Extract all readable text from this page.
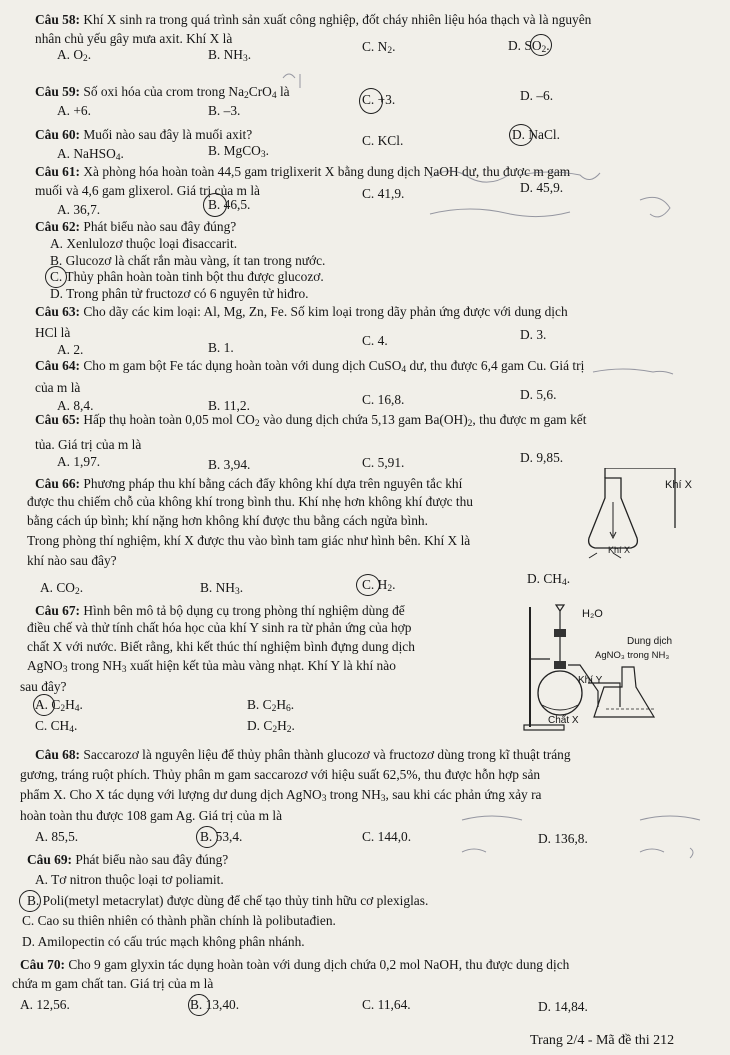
Câu 58: Khí X sinh ra trong quá trình sản xuất công nghiệp, đốt cháy nhiên liệu hóa thạch và là nguyên
nhân chủ yếu gây mưa axit. Khí X là
A. $O_2$.	B. $NH_3$.
C. $N_2$.	D. $SO_2$.
Câu 59: Số oxi hóa của crom trong $Na_2CrO_4$ là
A. +6.	B. –3.
C. +3.	D. –6.
Câu 60: Muối nào sau đây là muối axit?
A. NaHSO$_4$.	B. MgCO$_3$.
C. KCl.	D. NaCl.
Câu 61: Xà phòng hóa hoàn toàn 44,5 gam triglixerit X bằng dung dịch NaOH dư, thu được m gam
muối và 4,6 gam glixerol. Giá trị của m là
A. 36,7.	B. 46,5.
C. 41,9.	D. 45,9.
Câu 62: Phát biểu nào sau đây đúng?
A. Xenlulozơ thuộc loại đisaccarit.
B. Glucozơ là chất rắn màu vàng, ít tan trong nước.
C. Thủy phân hoàn toàn tinh bột thu được glucozơ.
D. Trong phân tử fructozơ có 6 nguyên tử hiđro.
Câu 63: Cho dãy các kim loại: Al, Mg, Zn, Fe. Số kim loại trong dãy phản ứng được với dung dịch
HCl là
A. 2.	B. 1.	C. 4.	D. 3.
Câu 64: Cho m gam bột Fe tác dụng hoàn toàn với dung dịch CuSO$_4$ dư, thu được 6,4 gam Cu. Giá trị
của m là
A. 8,4.	B. 11,2.	C. 16,8.	D. 5,6.
Câu 65: Hấp thụ hoàn toàn 0,05 mol $CO_2$ vào dung dịch chứa 5,13 gam $Ba(OH)_2$, thu được m gam kết
tủa. Giá trị của m là
A. 1,97.	B. 3,94.	C. 5,91.	D. 9,85.
Câu 66: Phương pháp thu khí bằng cách đẩy không khí dựa trên nguyên tắc khí
được thu chiếm chỗ của không khí trong bình thu. Khí nhẹ hơn không khí được thu
bằng cách úp bình; khí nặng hơn không khí được thu bằng cách ngửa bình.
Trong phòng thí nghiệm, khí X được thu vào bình tam giác như hình bên. Khí X là
khí nào sau đây?
A. $CO_2$.	B. $NH_3$.	C. $H_2$.	D. $CH_4$.
Khí X
Khí X
Câu 67: Hình bên mô tả bộ dụng cụ trong phòng thí nghiệm dùng để
điều chế và thử tính chất hóa học của khí Y sinh ra từ phản ứng của hợp
chất X với nước. Biết rằng, khi kết thúc thí nghiệm bình đựng dung dịch
AgNO$_3$ trong $NH_3$ xuất hiện kết tủa màu vàng nhạt. Khí Y là khí nào
sau đây?
A. $C_2H_4$.	B. $C_2H_6$.
C. $CH_4$.	D. $C_2H_2$.
H₂O
Dung dịch
AgNO₃ trong NH₃
Khí Y
Chất X
Câu 68: Saccarozơ là nguyên liệu để thủy phân thành glucozơ và fructozơ dùng trong kĩ thuật tráng
gương, tráng ruột phích. Thủy phân m gam saccarozơ với hiệu suất 62,5%, thu được hỗn hợp sản
phẩm X. Cho X tác dụng với lượng dư dung dịch AgNO$_3$ trong $NH_3$, sau khi các phản ứng xảy ra
hoàn toàn thu được 108 gam Ag. Giá trị của m là
A. 85,5.	B. 53,4.	C. 144,0.	D. 136,8.
Câu 69: Phát biểu nào sau đây đúng?
A. Tơ nitron thuộc loại tơ poliamit.
B. Poli(metyl metacrylat) được dùng để chế tạo thủy tinh hữu cơ plexiglas.
C. Cao su thiên nhiên có thành phần chính là polibutađien.
D. Amilopectin có cấu trúc mạch không phân nhánh.
Câu 70: Cho 9 gam glyxin tác dụng hoàn toàn với dung dịch chứa 0,2 mol NaOH, thu được dung dịch
chứa m gam chất tan. Giá trị của m là
A. 12,56.	B. 13,40.	C. 11,64.	D. 14,84.
Trang 2/4 - Mã đề thi 212
